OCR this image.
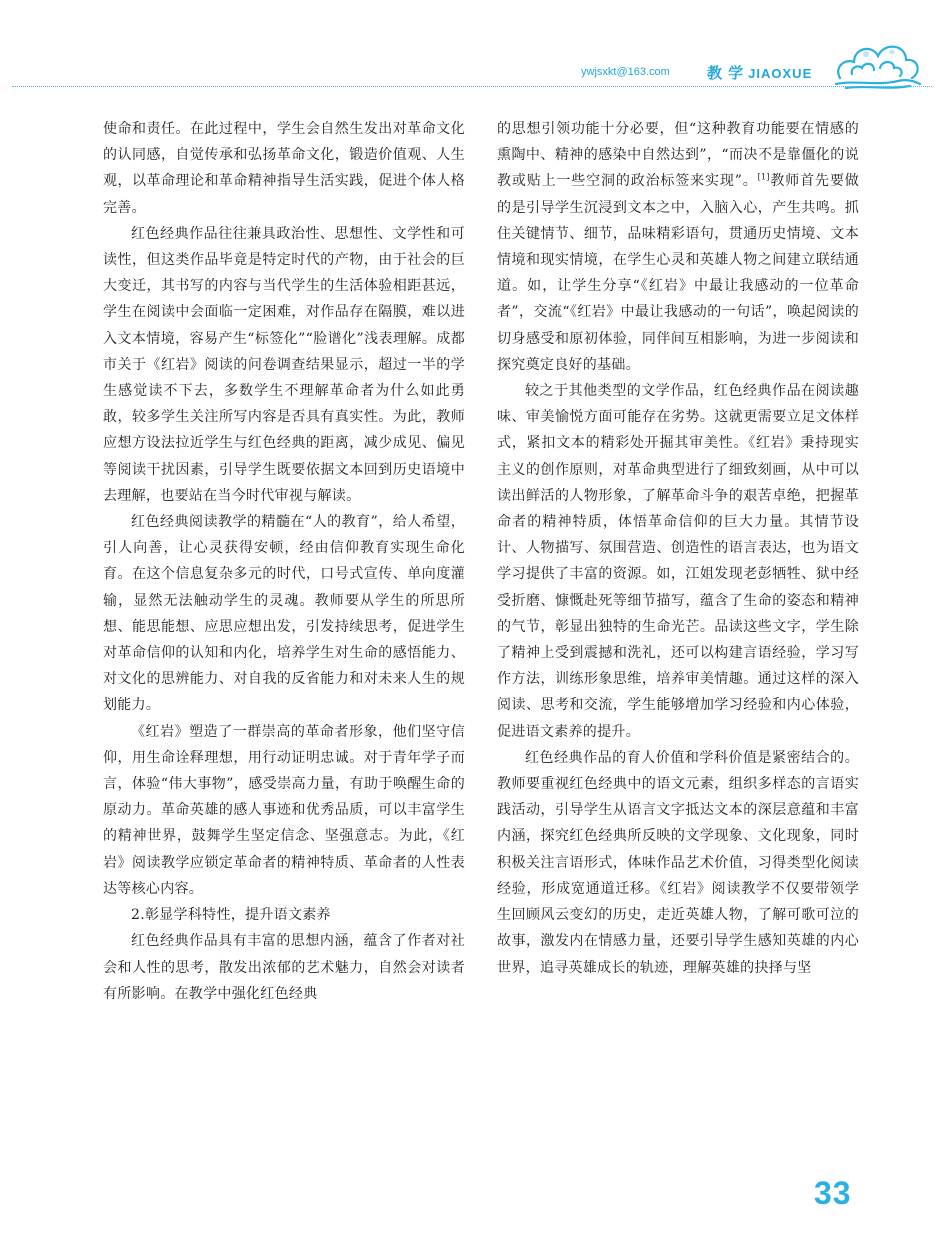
ywjsxkt@163.com 教 学 JIAOXUE

使命和责任。在此过程中，学生会自然生发出对革命文化的认同感，自觉传承和弘扬革命文化，锻造价值观、人生观，以革命理论和革命精神指导生活实践，促进个体人格完善。

红色经典作品往往兼具政治性、思想性、文学性和可读性，但这类作品毕竟是特定时代的产物，由于社会的巨大变迁，其书写的内容与当代学生的生活体验相距甚远，学生在阅读中会面临一定困难，对作品存在隔膜，难以进入文本情境，容易产生“标签化”“脸谱化”浅表理解。成都市关于《红岩》阅读的问卷调查结果显示，超过一半的学生感觉读不下去，多数学生不理解革命者为什么如此勇敢，较多学生关注所写内容是否具有真实性。为此，教师应想方设法拉近学生与红色经典的距离，减少成见、偏见等阅读干扰因素，引导学生既要依据文本回到历史语境中去理解，也要站在当今时代审视与解读。

红色经典阅读教学的精髓在“人的教育”，给人希望，引人向善，让心灵获得安顿，经由信仰教育实现生命化育。在这个信息复杂多元的时代，口号式宣传、单向度灌输，显然无法触动学生的灵魂。教师要从学生的所思所想、能思能想、应思应想出发，引发持续思考，促进学生对革命信仰的认知和内化，培养学生对生命的感悟能力、对文化的思辨能力、对自我的反省能力和对未来人生的规划能力。

《红岩》塑造了一群崇高的革命者形象，他们坚守信仰，用生命诠释理想，用行动证明忠诚。对于青年学子而言，体验“伟大事物”，感受崇高力量，有助于唤醒生命的原动力。革命英雄的感人事迹和优秀品质，可以丰富学生的精神世界，鼓舞学生坚定信念、坚强意志。为此，《红岩》阅读教学应锁定革命者的精神特质、革命者的人性表达等核心内容。

2.彰显学科特性，提升语文素养

红色经典作品具有丰富的思想内涵，蕴含了作者对社会和人性的思考，散发出浓郁的艺术魅力，自然会对读者有所影响。在教学中强化红色经典

的思想引领功能十分必要，但“这种教育功能要在情感的熏陶中、精神的感染中自然达到”，“而决不是靠僵化的说教或贴上一些空洞的政治标签来实现”。[1]教师首先要做的是引导学生沉浸到文本之中，入脑入心，产生共鸣。抓住关键情节、细节，品味精彩语句，贯通历史情境、文本情境和现实情境，在学生心灵和英雄人物之间建立联结通道。如，让学生分享“《红岩》中最让我感动的一位革命者”，交流“《红岩》中最让我感动的一句话”，唤起阅读的切身感受和原初体验，同伴间互相影响，为进一步阅读和探究奠定良好的基础。

较之于其他类型的文学作品，红色经典作品在阅读趣味、审美愉悦方面可能存在劣势。这就更需要立足文体样式，紧扣文本的精彩处开掘其审美性。《红岩》秉持现实主义的创作原则，对革命典型进行了细致刻画，从中可以读出鲜活的人物形象，了解革命斗争的艰苦卓绝，把握革命者的精神特质，体悟革命信仰的巨大力量。其情节设计、人物描写、氛围营造、创造性的语言表达，也为语文学习提供了丰富的资源。如，江姐发现老彭牺牲、狱中经受折磨、慷慨赴死等细节描写，蕴含了生命的姿态和精神的气节，彰显出独特的生命光芒。品读这些文字，学生除了精神上受到震撼和洗礼，还可以构建言语经验，学习写作方法，训练形象思维，培养审美情趣。通过这样的深入阅读、思考和交流，学生能够增加学习经验和内心体验，促进语文素养的提升。

红色经典作品的育人价值和学科价值是紧密结合的。教师要重视红色经典中的语文元素，组织多样态的言语实践活动，引导学生从语言文字抵达文本的深层意蕴和丰富内涵，探究红色经典所反映的文学现象、文化现象，同时积极关注言语形式，体味作品艺术价值，习得类型化阅读经验，形成宽通道迁移。《红岩》阅读教学不仅要带领学生回顾风云变幻的历史，走近英雄人物，了解可歌可泣的故事，激发内在情感力量，还要引导学生感知英雄的内心世界，追寻英雄成长的轨迹，理解英雄的抉择与坚

33
